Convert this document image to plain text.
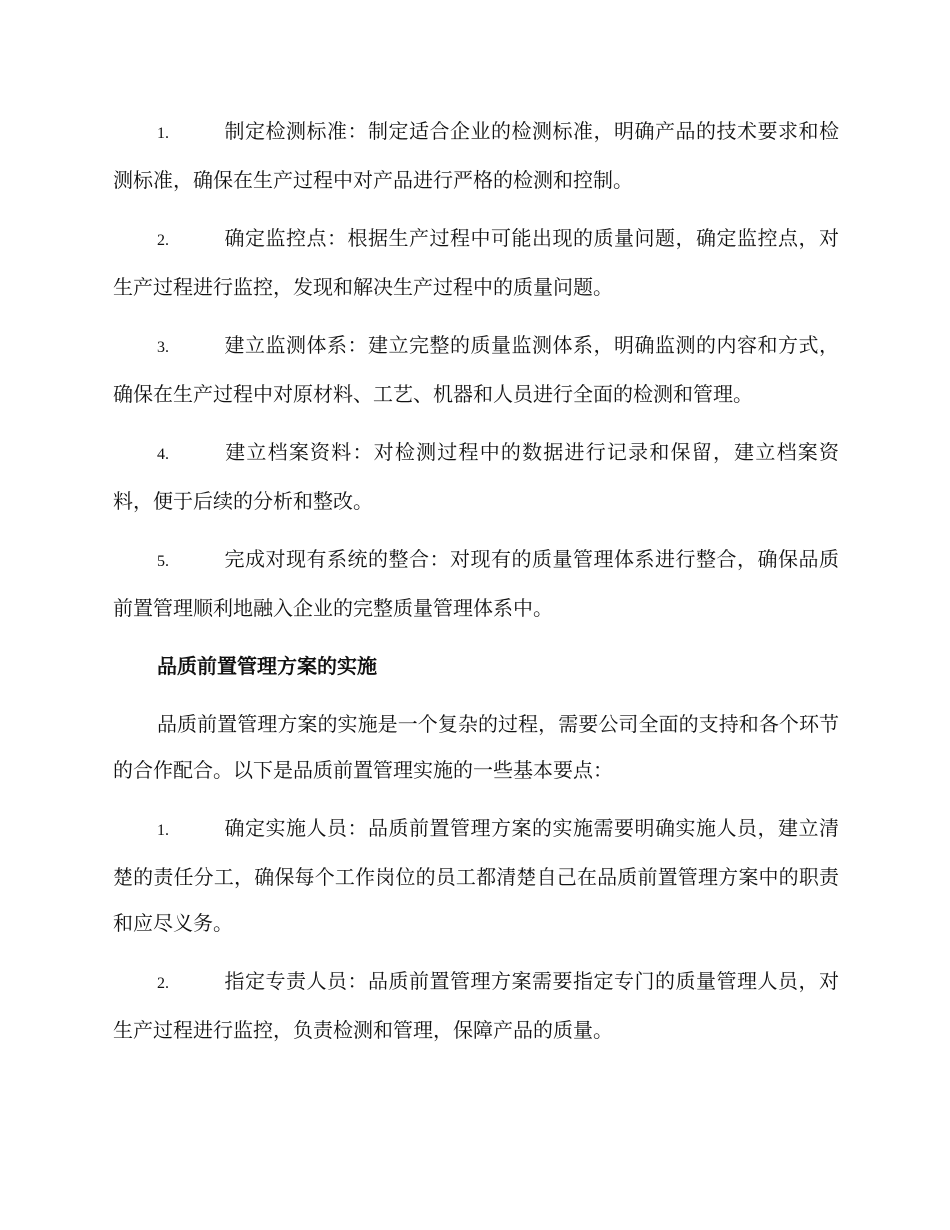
1.	制定检测标准：制定适合企业的检测标准，明确产品的技术要求和检测标准，确保在生产过程中对产品进行严格的检测和控制。

2.	确定监控点：根据生产过程中可能出现的质量问题，确定监控点，对生产过程进行监控，发现和解决生产过程中的质量问题。

3.	建立监测体系：建立完整的质量监测体系，明确监测的内容和方式，确保在生产过程中对原材料、工艺、机器和人员进行全面的检测和管理。

4.	建立档案资料：对检测过程中的数据进行记录和保留，建立档案资料，便于后续的分析和整改。

5.	完成对现有系统的整合：对现有的质量管理体系进行整合，确保品质前置管理顺利地融入企业的完整质量管理体系中。

品质前置管理方案的实施

品质前置管理方案的实施是一个复杂的过程，需要公司全面的支持和各个环节的合作配合。以下是品质前置管理实施的一些基本要点：

1.	确定实施人员：品质前置管理方案的实施需要明确实施人员，建立清楚的责任分工，确保每个工作岗位的员工都清楚自己在品质前置管理方案中的职责和应尽义务。

2.	指定专责人员：品质前置管理方案需要指定专门的质量管理人员，对生产过程进行监控，负责检测和管理，保障产品的质量。
